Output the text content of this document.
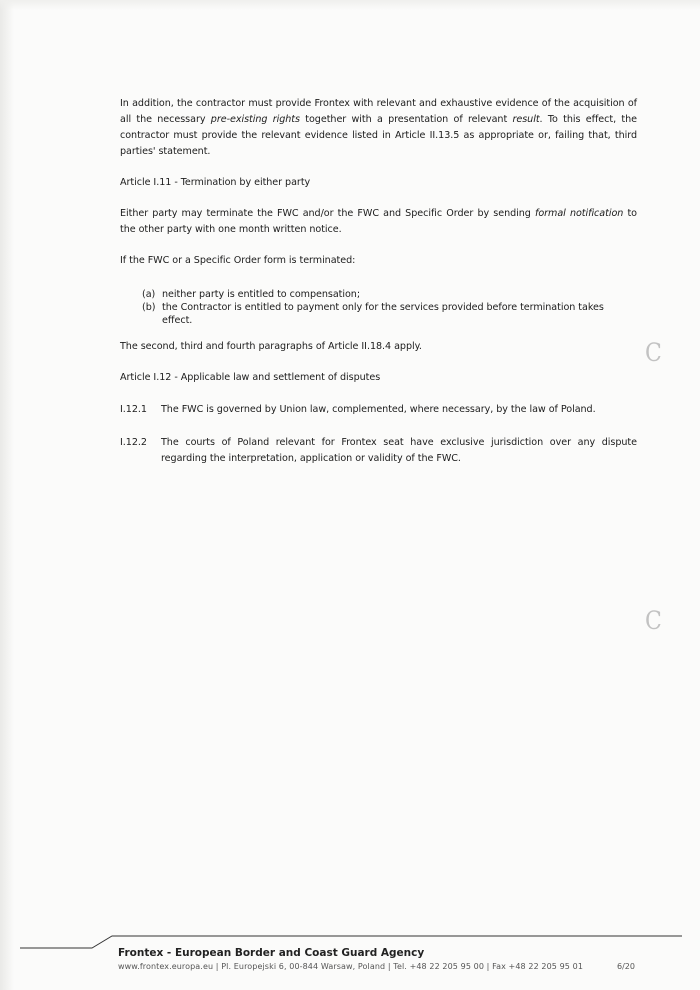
In addition, the contractor must provide Frontex with relevant and exhaustive evidence of the acquisition of all the necessary pre-existing rights together with a presentation of relevant result. To this effect, the contractor must provide the relevant evidence listed in Article II.13.5 as appropriate or, failing that, third parties' statement.

Article I.11 - Termination by either party

Either party may terminate the FWC and/or the FWC and Specific Order by sending formal notification to the other party with one month written notice.

If the FWC or a Specific Order form is terminated:
(a) neither party is entitled to compensation;
(b) the Contractor is entitled to payment only for the services provided before termination takes effect.
The second, third and fourth paragraphs of Article II.18.4 apply.
Article I.12 - Applicable law and settlement of disputes
I.12.1 The FWC is governed by Union law, complemented, where necessary, by the law of Poland.
I.12.2 The courts of Poland relevant for Frontex seat have exclusive jurisdiction over any dispute regarding the interpretation, application or validity of the FWC.
C
C
Frontex - European Border and Coast Guard Agency
www.frontex.europa.eu | Pl. Europejski 6, 00-844 Warsaw, Poland | Tel. +48 22 205 95 00 | Fax +48 22 205 95 01	6/20
